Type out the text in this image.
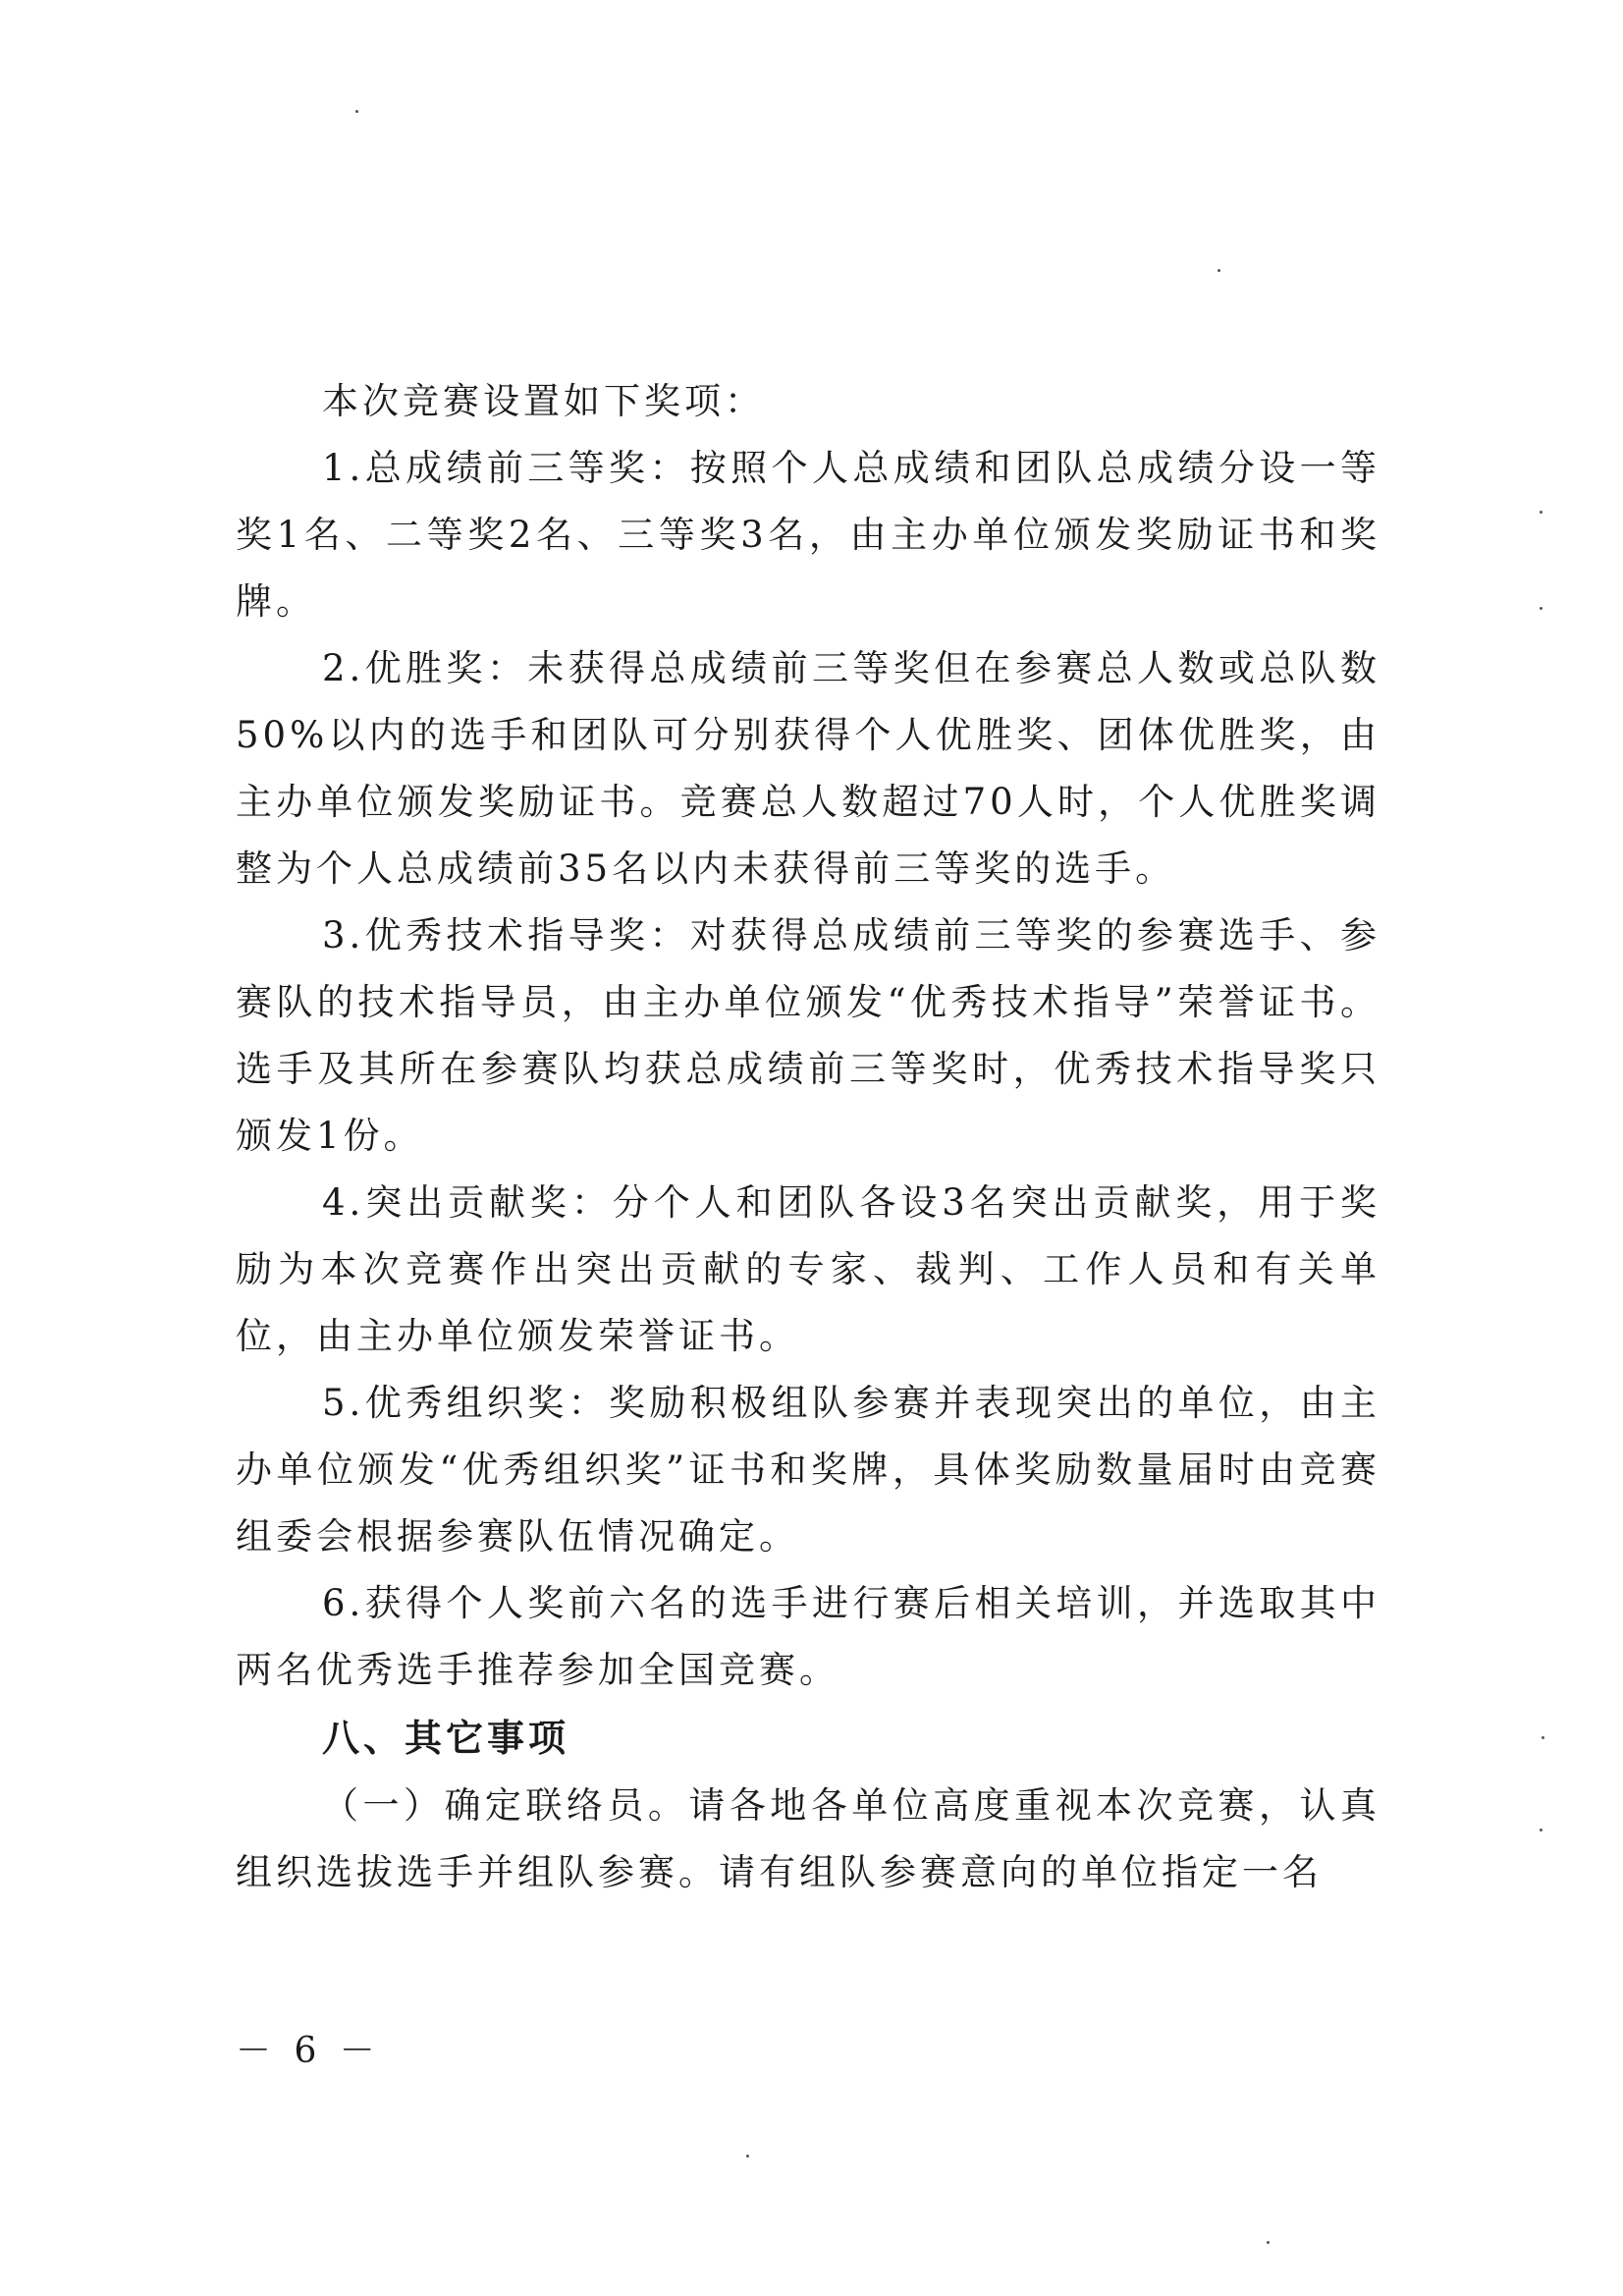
本次竞赛设置如下奖项：

1.总成绩前三等奖：按照个人总成绩和团队总成绩分设一等奖1名、二等奖2名、三等奖3名，由主办单位颁发奖励证书和奖牌。

2.优胜奖：未获得总成绩前三等奖但在参赛总人数或总队数50%以内的选手和团队可分别获得个人优胜奖、团体优胜奖，由主办单位颁发奖励证书。竞赛总人数超过70人时，个人优胜奖调整为个人总成绩前35名以内未获得前三等奖的选手。

3.优秀技术指导奖：对获得总成绩前三等奖的参赛选手、参赛队的技术指导员，由主办单位颁发“优秀技术指导”荣誉证书。选手及其所在参赛队均获总成绩前三等奖时，优秀技术指导奖只颁发1份。

4.突出贡献奖：分个人和团队各设3名突出贡献奖，用于奖励为本次竞赛作出突出贡献的专家、裁判、工作人员和有关单位，由主办单位颁发荣誉证书。

5.优秀组织奖：奖励积极组队参赛并表现突出的单位，由主办单位颁发“优秀组织奖”证书和奖牌，具体奖励数量届时由竞赛组委会根据参赛队伍情况确定。

6.获得个人奖前六名的选手进行赛后相关培训，并选取其中两名优秀选手推荐参加全国竞赛。

八、其它事项

（一）确定联络员。请各地各单位高度重视本次竞赛，认真组织选拔选手并组队参赛。请有组队参赛意向的单位指定一名

－ 6 －
